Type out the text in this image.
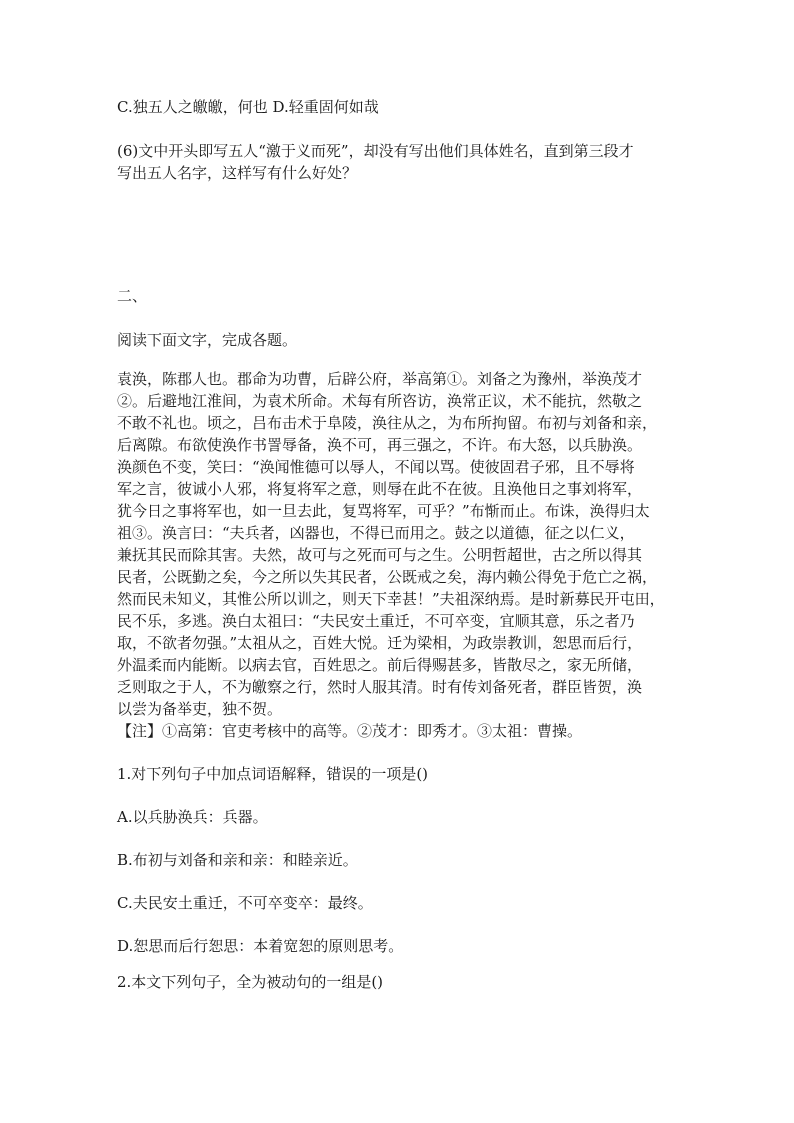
C.独五人之皦皦，何也 D.轻重固何如哉
(6)文中开头即写五人“激于义而死”，却没有写出他们具体姓名，直到第三段才
写出五人名字，这样写有什么好处？
二、
阅读下面文字，完成各题。
袁涣，陈郡人也。郡命为功曹，后辟公府，举高第①。刘备之为豫州，举涣茂才
②。后避地江淮间，为袁术所命。术每有所咨访，涣常正议，术不能抗，然敬之
不敢不礼也。顷之，吕布击术于阜陵，涣往从之，为布所拘留。布初与刘备和亲，
后离隙。布欲使涣作书詈辱备，涣不可，再三强之，不许。布大怒，以兵胁涣。
涣颜色不变，笑曰：“涣闻惟德可以辱人，不闻以骂。使彼固君子邪，且不辱将
军之言，彼诚小人邪，将复将军之意，则辱在此不在彼。且涣他日之事刘将军，
犹今日之事将军也，如一旦去此，复骂将军，可乎？”布惭而止。布诛，涣得归太
祖③。涣言曰：“夫兵者，凶器也，不得已而用之。鼓之以道德，征之以仁义，
兼抚其民而除其害。夫然，故可与之死而可与之生。公明哲超世，古之所以得其
民者，公既勤之矣，今之所以失其民者，公既戒之矣，海内赖公得免于危亡之祸，
然而民未知义，其惟公所以训之，则天下幸甚！”夫祖深纳焉。是时新募民开屯田，
民不乐，多逃。涣白太祖曰：“夫民安土重迁，不可卒变，宜顺其意，乐之者乃
取，不欲者勿强。”太祖从之，百姓大悦。迁为梁相，为政崇教训，恕思而后行，
外温柔而内能断。以病去官，百姓思之。前后得赐甚多，皆散尽之，家无所储，
乏则取之于人，不为皦察之行，然时人服其清。时有传刘备死者，群臣皆贺，涣
以尝为备举吏，独不贺。
【注】①高第：官吏考核中的高等。②茂才：即秀才。③太祖：曹操。
1.对下列句子中加点词语解释，错误的一项是()
A.以兵胁涣兵：兵器。
B.布初与刘备和亲和亲：和睦亲近。
C.夫民安土重迁，不可卒变卒：最终。
D.恕思而后行恕思：本着宽恕的原则思考。
2.本文下列句子，全为被动句的一组是()
